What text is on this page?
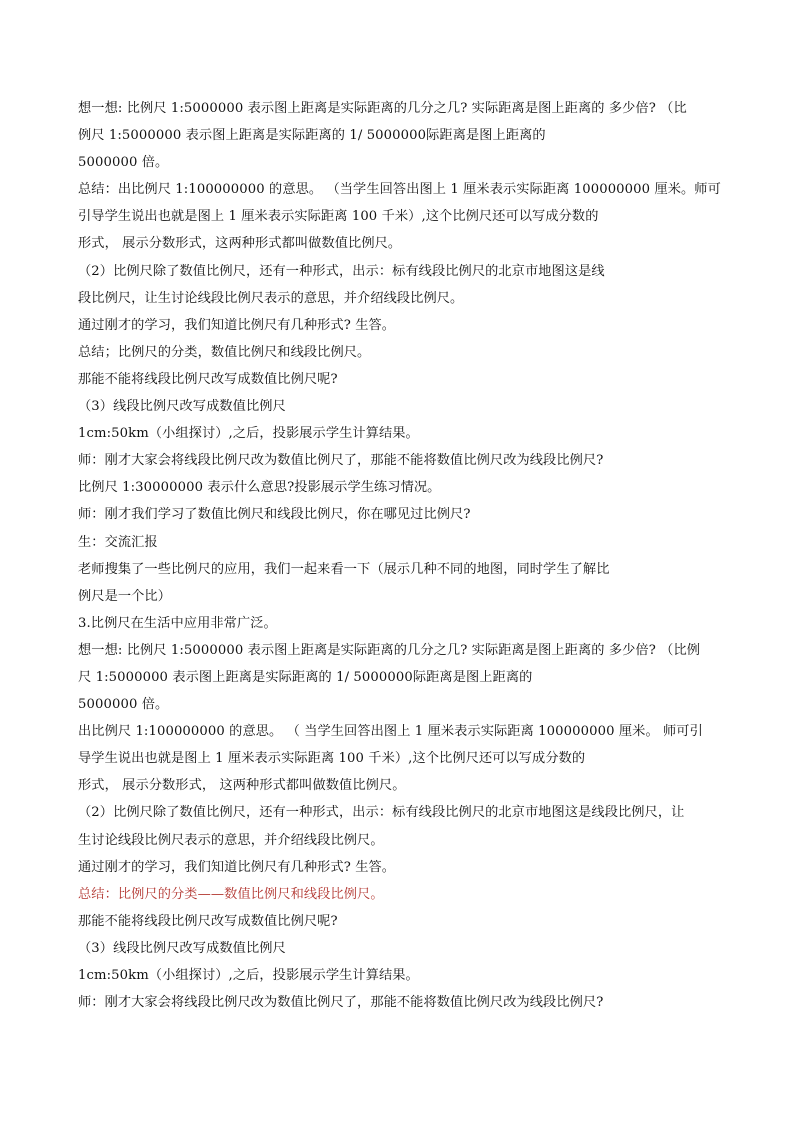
想一想: 比例尺 1:5000000 表示图上距离是实际距离的几分之几? 实际距离是图上距离的 多少倍? （比
例尺 1:5000000 表示图上距离是实际距离的 1/ 5000000际距离是图上距离的
5000000 倍。
总结：出比例尺 1:100000000 的意思。 （当学生回答出图上 1 厘米表示实际距离 100000000 厘米。师可
引导学生说出也就是图上 1 厘米表示实际距离 100 千米）,这个比例尺还可以写成分数的
形式， 展示分数形式，这两种形式都叫做数值比例尺。
（2）比例尺除了数值比例尺，还有一种形式，出示：标有线段比例尺的北京市地图这是线
段比例尺，让生讨论线段比例尺表示的意思，并介绍线段比例尺。
通过刚才的学习，我们知道比例尺有几种形式? 生答。
总结；比例尺的分类，数值比例尺和线段比例尺。
那能不能将线段比例尺改写成数值比例尺呢?
（3）线段比例尺改写成数值比例尺
1cm:50km（小组探讨）,之后，投影展示学生计算结果。
师：刚才大家会将线段比例尺改为数值比例尺了，那能不能将数值比例尺改为线段比例尺?
比例尺 1:30000000 表示什么意思?投影展示学生练习情况。
师：刚才我们学习了数值比例尺和线段比例尺，你在哪见过比例尺?
生：交流汇报
老师搜集了一些比例尺的应用，我们一起来看一下（展示几种不同的地图，同时学生了解比
例尺是一个比）
3.比例尺在生活中应用非常广泛。
想一想: 比例尺 1:5000000 表示图上距离是实际距离的几分之几? 实际距离是图上距离的 多少倍? （比例
尺 1:5000000 表示图上距离是实际距离的 1/ 5000000际距离是图上距离的
5000000 倍。
出比例尺 1:100000000 的意思。 （ 当学生回答出图上 1 厘米表示实际距离 100000000 厘米。 师可引
导学生说出也就是图上 1 厘米表示实际距离 100 千米）,这个比例尺还可以写成分数的
形式， 展示分数形式， 这两种形式都叫做数值比例尺。
（2）比例尺除了数值比例尺，还有一种形式，出示：标有线段比例尺的北京市地图这是线段比例尺，让
生讨论线段比例尺表示的意思，并介绍线段比例尺。
通过刚才的学习，我们知道比例尺有几种形式? 生答。
总结：比例尺的分类——数值比例尺和线段比例尺。
那能不能将线段比例尺改写成数值比例尺呢?
（3）线段比例尺改写成数值比例尺
1cm:50km（小组探讨）,之后，投影展示学生计算结果。
师：刚才大家会将线段比例尺改为数值比例尺了，那能不能将数值比例尺改为线段比例尺?
